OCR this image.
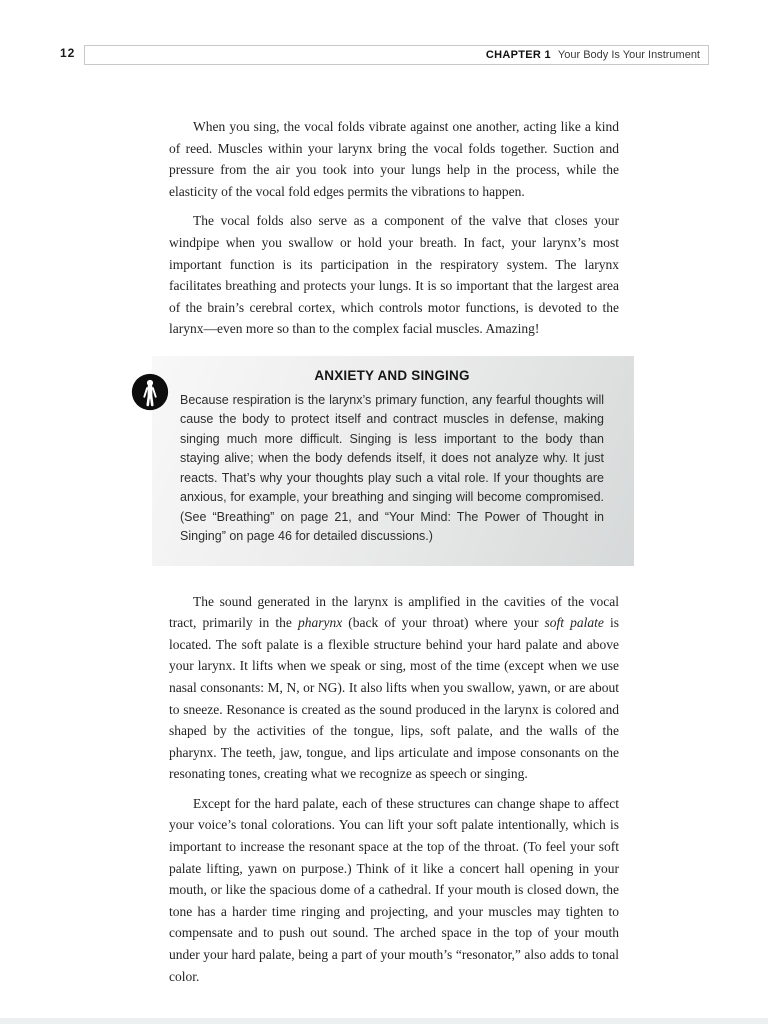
12	CHAPTER 1 Your Body Is Your Instrument

When you sing, the vocal folds vibrate against one another, acting like a kind of reed. Muscles within your larynx bring the vocal folds together. Suction and pressure from the air you took into your lungs help in the process, while the elasticity of the vocal fold edges permits the vibrations to happen.

The vocal folds also serve as a component of the valve that closes your windpipe when you swallow or hold your breath. In fact, your larynx’s most important function is its participation in the respiratory system. The larynx facilitates breathing and protects your lungs. It is so important that the largest area of the brain’s cerebral cortex, which controls motor functions, is devoted to the larynx—even more so than to the complex facial muscles. Amazing!

ANXIETY AND SINGING

Because respiration is the larynx’s primary function, any fearful thoughts will cause the body to protect itself and contract muscles in defense, making singing much more difficult. Singing is less important to the body than staying alive; when the body defends itself, it does not analyze why. It just reacts. That’s why your thoughts play such a vital role. If your thoughts are anxious, for example, your breathing and singing will become compromised. (See “Breathing” on page 21, and “Your Mind: The Power of Thought in Singing” on page 46 for detailed discussions.)

The sound generated in the larynx is amplified in the cavities of the vocal tract, primarily in the pharynx (back of your throat) where your soft palate is located. The soft palate is a flexible structure behind your hard palate and above your larynx. It lifts when we speak or sing, most of the time (except when we use nasal consonants: M, N, or NG). It also lifts when you swallow, yawn, or are about to sneeze. Resonance is created as the sound produced in the larynx is colored and shaped by the activities of the tongue, lips, soft palate, and the walls of the pharynx. The teeth, jaw, tongue, and lips articulate and impose consonants on the resonating tones, creating what we recognize as speech or singing.

Except for the hard palate, each of these structures can change shape to affect your voice’s tonal colorations. You can lift your soft palate intentionally, which is important to increase the resonant space at the top of the throat. (To feel your soft palate lifting, yawn on purpose.) Think of it like a concert hall opening in your mouth, or like the spacious dome of a cathedral. If your mouth is closed down, the tone has a harder time ringing and projecting, and your muscles may tighten to compensate and to push out sound. The arched space in the top of your mouth under your hard palate, being a part of your mouth’s “resonator,” also adds to tonal color.
